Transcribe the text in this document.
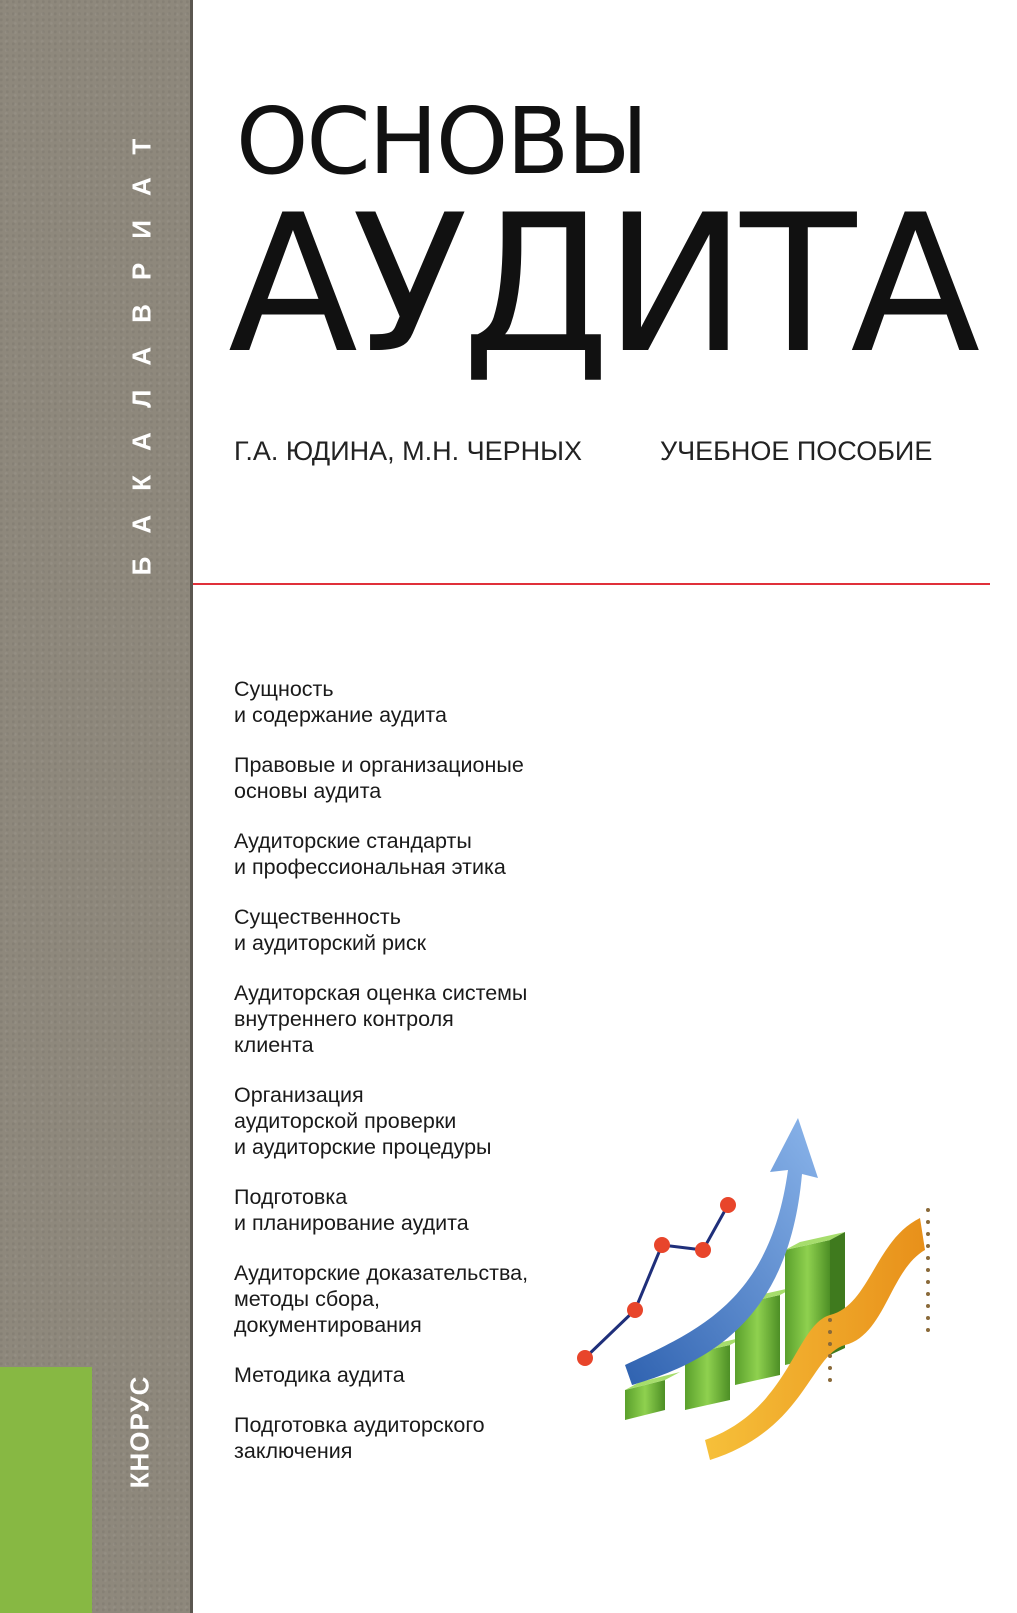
БАКАЛАВРИАТ
КНОРУС
ОСНОВЫ
АУДИТА
Г.А. ЮДИНА, М.Н. ЧЕРНЫХ	УЧЕБНОЕ ПОСОБИЕ
Сущность
и содержание аудита
Правовые и организационые
основы аудита
Аудиторские стандарты
и профессиональная этика
Существенность
и аудиторский риск
Аудиторская оценка системы
внутреннего контроля
клиента
Организация
аудиторской проверки
и аудиторские процедуры
Подготовка
и планирование аудита
Аудиторские доказательства,
методы сбора,
документирования
Методика аудита
Подготовка аудиторского
заключения
